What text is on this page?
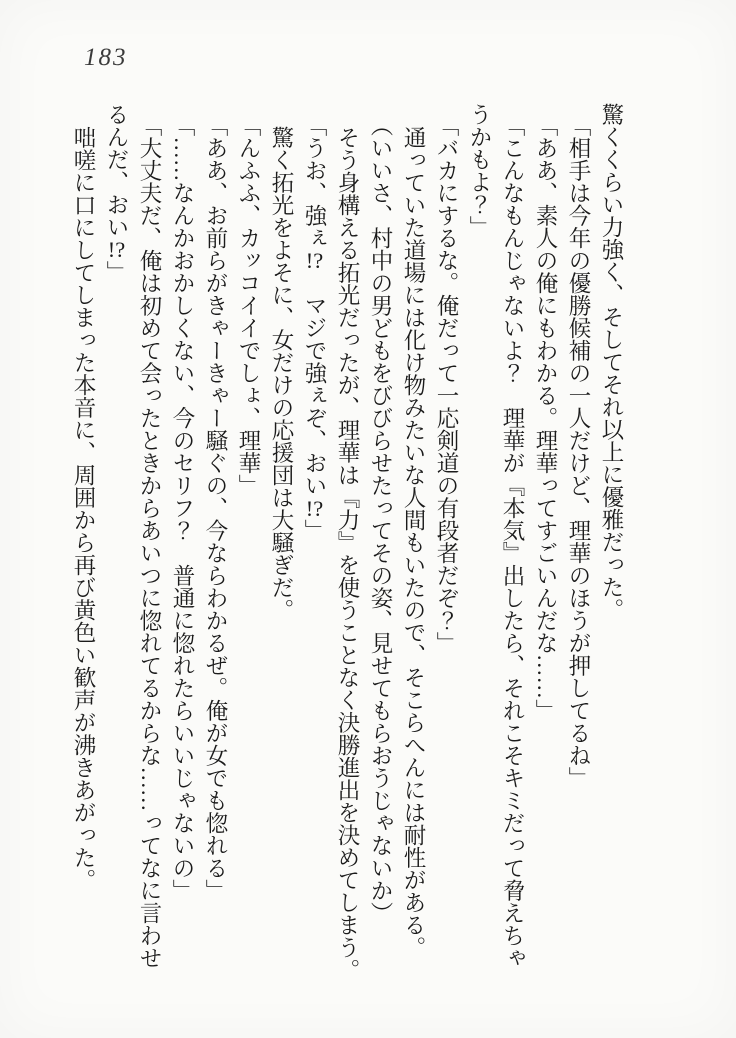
183

驚くくらい力強く、そしてそれ以上に優雅だった。

「相手は今年の優勝候補の一人だけど、理華のほうが押してるね」

「ああ、素人の俺にもわかる。理華ってすごいんだな……」

「こんなもんじゃないよ？　理華が『本気』出したら、それこそキミだって脅えちゃうかもよ？」

「バカにするな。俺だって一応剣道の有段者だぞ？」

通っていた道場には化け物みたいな人間もいたので、そこらへんには耐性がある。

（いいさ、村中の男どもをびびらせたってその姿、見せてもらおうじゃないか）

そう身構える拓光だったが、理華は『力』を使うことなく決勝進出を決めてしまう。

「うお、強ぇ!?　マジで強ぇぞ、おい!?」

驚く拓光をよそに、女だけの応援団は大騒ぎだ。

「んふふ、カッコイイでしょ、理華」

「ああ、お前らがきゃーきゃー騒ぐの、今ならわかるぜ。俺が女でも惚れる」

「……なんかおかしくない、今のセリフ？　普通に惚れたらいいじゃないの」

「大丈夫だ、俺は初めて会ったときからあいつに惚れてるからな……ってなに言わせるんだ、おい!?」

咄嗟に口にしてしまった本音に、周囲から再び黄色い歓声が沸きあがった。
